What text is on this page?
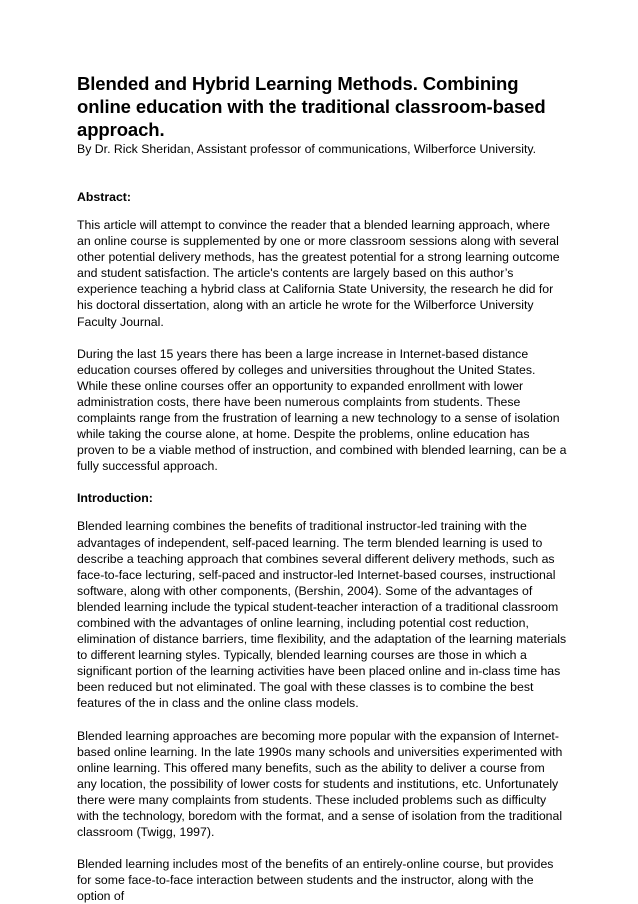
Blended and Hybrid Learning Methods. Combining online education with the traditional classroom-based approach.

By Dr. Rick Sheridan, Assistant professor of communications, Wilberforce University.

Abstract:

This article will attempt to convince the reader that a blended learning approach, where an online course is supplemented by one or more classroom sessions along with several other potential delivery methods, has the greatest potential for a strong learning outcome and student satisfaction. The article's contents are largely based on this author’s experience teaching a hybrid class at California State University, the research he did for his doctoral dissertation, along with an article he wrote for the Wilberforce University Faculty Journal.

During the last 15 years there has been a large increase in Internet-based distance education courses offered by colleges and universities throughout the United States. While these online courses offer an opportunity to expanded enrollment with lower administration costs, there have been numerous complaints from students. These complaints range from the frustration of learning a new technology to a sense of isolation while taking the course alone, at home. Despite the problems, online education has proven to be a viable method of instruction, and combined with blended learning, can be a fully successful approach.

Introduction:

Blended learning combines the benefits of traditional instructor-led training with the advantages of independent, self-paced learning. The term blended learning is used to describe a teaching approach that combines several different delivery methods, such as face-to-face lecturing, self-paced and instructor-led Internet-based courses, instructional software, along with other components, (Bershin, 2004). Some of the advantages of blended learning include the typical student-teacher interaction of a traditional classroom combined with the advantages of online learning, including potential cost reduction, elimination of distance barriers, time flexibility, and the adaptation of the learning materials to different learning styles. Typically, blended learning courses are those in which a significant portion of the learning activities have been placed online and in-class time has been reduced but not eliminated. The goal with these classes is to combine the best features of the in class and the online class models.

Blended learning approaches are becoming more popular with the expansion of Internet-based online learning. In the late 1990s many schools and universities experimented with online learning. This offered many benefits, such as the ability to deliver a course from any location, the possibility of lower costs for students and institutions, etc. Unfortunately there were many complaints from students. These included problems such as difficulty with the technology, boredom with the format, and a sense of isolation from the traditional classroom (Twigg, 1997).

Blended learning includes most of the benefits of an entirely-online course, but provides for some face-to-face interaction between students and the instructor, along with the option of
